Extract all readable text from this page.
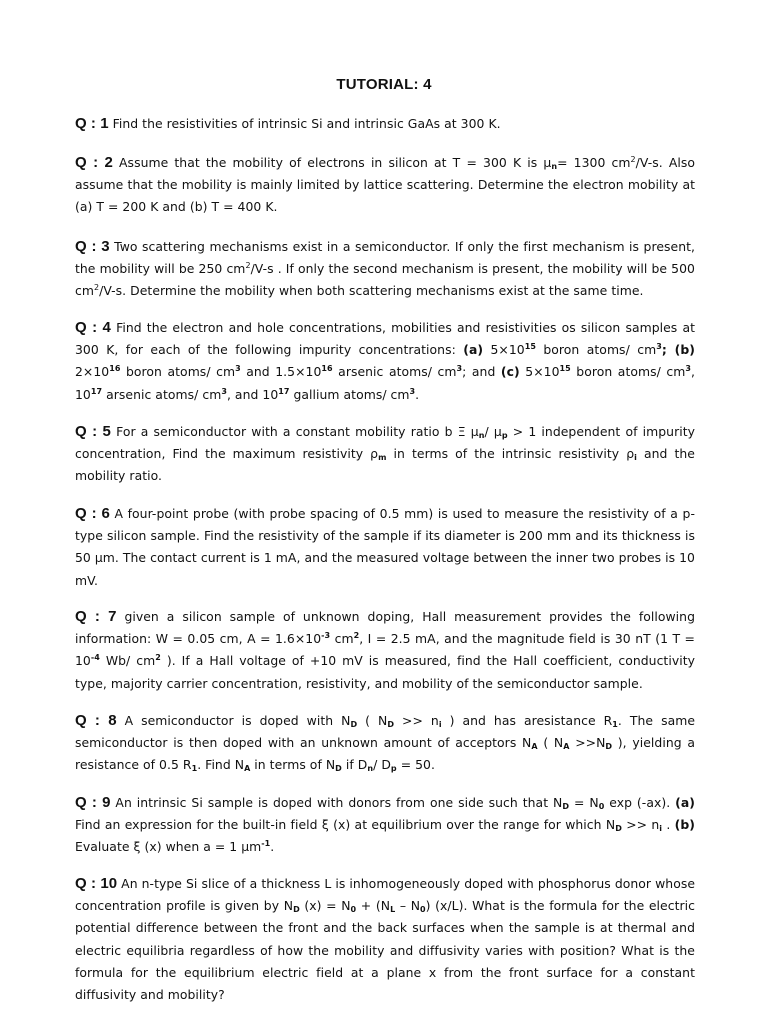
TUTORIAL: 4
Q : 1 Find the resistivities of intrinsic Si and intrinsic GaAs at 300 K.
Q : 2 Assume that the mobility of electrons in silicon at T = 300 K is $\mu_n= 1300$ $cm^2/V-s$. Also assume that the mobility is mainly limited by lattice scattering. Determine the electron mobility at (a) T = 200 K and (b) T = 400 K.
Q : 3 Two scattering mechanisms exist in a semiconductor. If only the first mechanism is present, the mobility will be 250 $cm^2/V-s$ . If only the second mechanism is present, the mobility will be 500 $cm^2/V-s$. Determine the mobility when both scattering mechanisms exist at the same time.
Q : 4 Find the electron and hole concentrations, mobilities and resistivities os silicon samples at 300 K, for each of the following impurity concentrations: (a) $5\times 10^{15}$ boron atoms/ $cm^3$; (b) $2\times 10^{16}$ boron atoms/ $cm^3$ and $1.5\times 10^{16}$ arsenic atoms/ $cm^3$; and (c) $5\times 10^{15}$ boron atoms/ $cm^3$, $10^{17}$ arsenic atoms/ $cm^3$, and $10^{17}$ gallium atoms/ $cm^3$.
Q : 5 For a semiconductor with a constant mobility ratio b Ξ $\mu_n/$ $\mu_p > 1$ independent of impurity concentration, Find the maximum resistivity $\rho_m$ in terms of the intrinsic resistivity $\rho_i$ and the mobility ratio.
Q : 6 A four-point probe (with probe spacing of 0.5 mm) is used to measure the resistivity of a p-type silicon sample. Find the resistivity of the sample if its diameter is 200 mm and its thickness is 50 μm. The contact current is 1 mA, and the measured voltage between the inner two probes is 10 mV.
Q : 7 given a silicon sample of unknown doping, Hall measurement provides the following information: W = 0.05 cm, $A = 1.6\times 10^{-3}$ $cm^2$, I = 2.5 mA, and the magnitude field is 30 nT (1 $T = 10^{-4}$ Wb/ $cm^2$ ). If a Hall voltage of +10 mV is measured, find the Hall coefficient, conductivity type, majority carrier concentration, resistivity, and mobility of the semiconductor sample.
Q : 8 A semiconductor is doped with $N_D$ ( $N_D >> n_i$ ) and has aresistance $R_1$. The same semiconductor is then doped with an unknown amount of acceptors $N_A$ ( $N_A >>N_D$ ), yielding a resistance of 0.5 $R_1$. Find $N_A$ in terms of $N_D$ if $D_n/$ $D_p = 50$.
Q : 9 An intrinsic Si sample is doped with donors from one side such that $N_D = N_0$ exp (-ax). (a) Find an expression for the built-in field ξ (x) at equilibrium over the range for which $N_D >> n_i$ . (b) Evaluate ξ (x) when a = 1 $\mu m^{-1}$.
Q : 10 An n-type Si slice of a thickness L is inhomogeneously doped with phosphorus donor whose concentration profile is given by $N_D$ $(x) = N_0 + (N_L - N_0)$ (x/L). What is the formula for the electric potential difference between the front and the back surfaces when the sample is at thermal and electric equilibria regardless of how the mobility and diffusivity varies with position? What is the formula for the equilibrium electric field at a plane x from the front surface for a constant diffusivity and mobility?
